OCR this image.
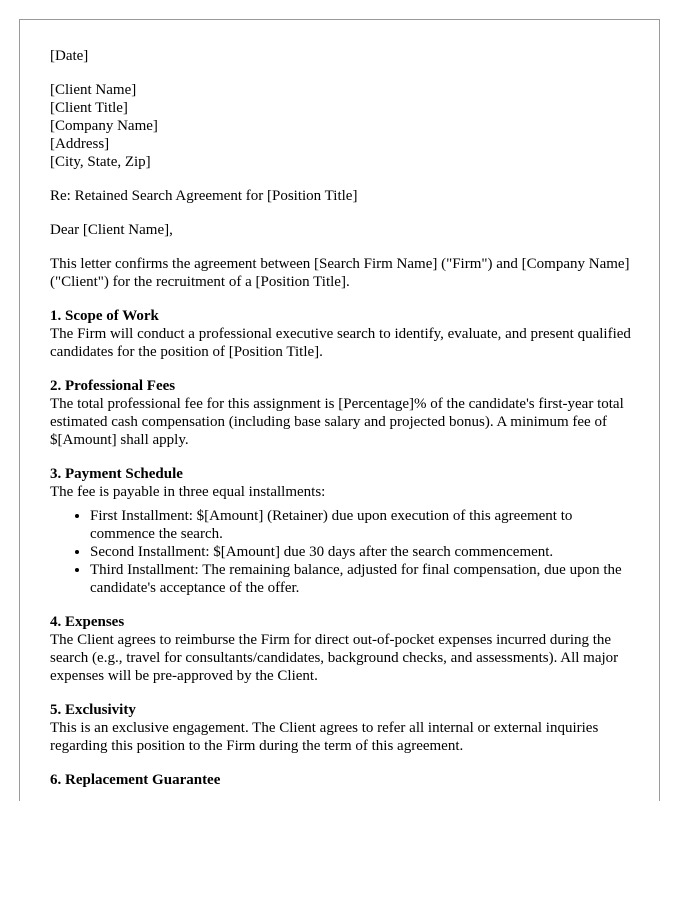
[Date]
[Client Name]
[Client Title]
[Company Name]
[Address]
[City, State, Zip]
Re: Retained Search Agreement for [Position Title]
Dear [Client Name],
This letter confirms the agreement between [Search Firm Name] ("Firm") and [Company Name] ("Client") for the recruitment of a [Position Title].
1. Scope of Work
The Firm will conduct a professional executive search to identify, evaluate, and present qualified candidates for the position of [Position Title].
2. Professional Fees
The total professional fee for this assignment is [Percentage]% of the candidate's first-year total estimated cash compensation (including base salary and projected bonus). A minimum fee of $[Amount] shall apply.
3. Payment Schedule
The fee is payable in three equal installments:
• First Installment: $[Amount] (Retainer) due upon execution of this agreement to commence the search.
• Second Installment: $[Amount] due 30 days after the search commencement.
• Third Installment: The remaining balance, adjusted for final compensation, due upon the candidate's acceptance of the offer.
4. Expenses
The Client agrees to reimburse the Firm for direct out-of-pocket expenses incurred during the search (e.g., travel for consultants/candidates, background checks, and assessments). All major expenses will be pre-approved by the Client.
5. Exclusivity
This is an exclusive engagement. The Client agrees to refer all internal or external inquiries regarding this position to the Firm during the term of this agreement.
6. Replacement Guarantee
